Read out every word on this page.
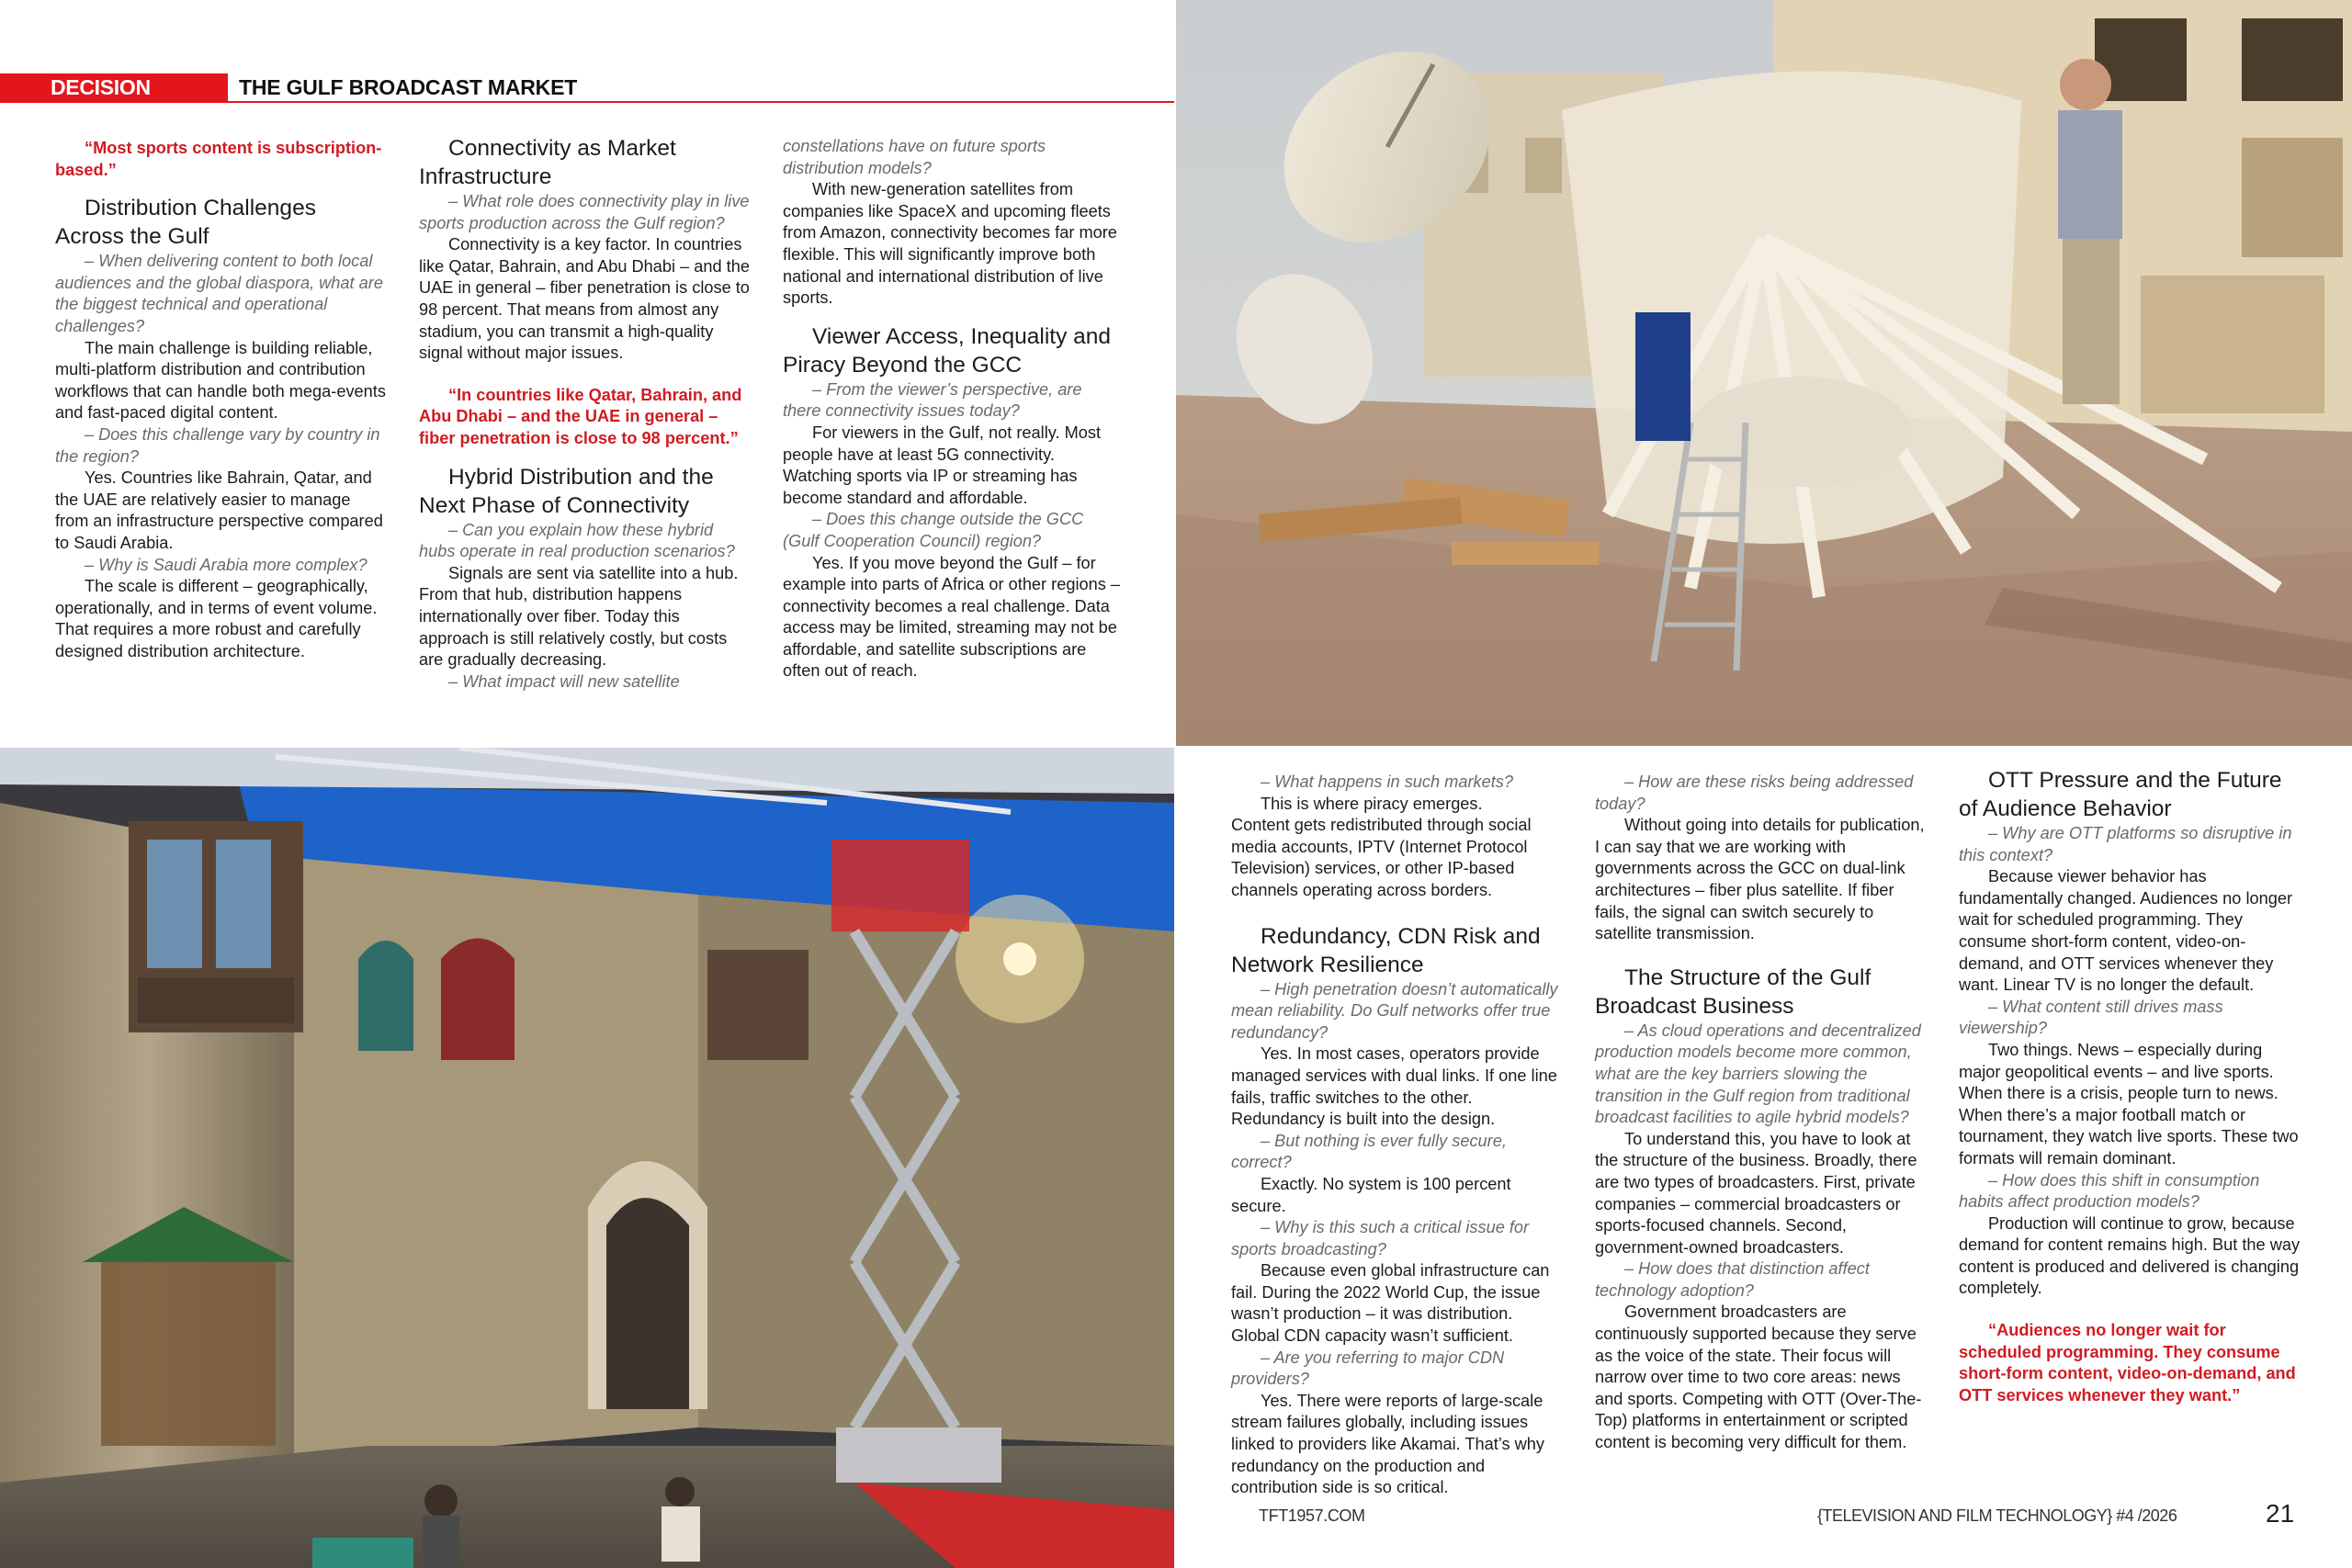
DECISION MAKERS
THE GULF BROADCAST MARKET

“Most sports content is subscription-based.”

Distribution Challenges Across the Gulf

– When delivering content to both local audiences and the global diaspora, what are the biggest technical and operational challenges?

The main challenge is building reliable, multi-platform distribution and contribution workflows that can handle both mega-events and fast-paced digital content.

– Does this challenge vary by country in the region?

Yes. Countries like Bahrain, Qatar, and the UAE are relatively easier to manage from an infrastructure perspective compared to Saudi Arabia.

– Why is Saudi Arabia more complex?

The scale is different – geographically, operationally, and in terms of event volume. That requires a more robust and carefully designed distribution architecture.

Connectivity as Market Infrastructure

– What role does connectivity play in live sports production across the Gulf region?

Connectivity is a key factor. In countries like Qatar, Bahrain, and Abu Dhabi – and the UAE in general – fiber penetration is close to 98 percent. That means from almost any stadium, you can transmit a high-quality signal without major issues.

“In countries like Qatar, Bahrain, and Abu Dhabi – and the UAE in general – fiber penetration is close to 98 percent.”

Hybrid Distribution and the Next Phase of Connectivity

– Can you explain how these hybrid hubs operate in real production scenarios?

Signals are sent via satellite into a hub. From that hub, distribution happens internationally over fiber. Today this approach is still relatively costly, but costs are gradually decreasing.

– What impact will new satellite

constellations have on future sports distribution models?

With new-generation satellites from companies like SpaceX and upcoming fleets from Amazon, connectivity becomes far more flexible. This will significantly improve both national and international distribution of live sports.

Viewer Access, Inequality and Piracy Beyond the GCC

– From the viewer’s perspective, are there connectivity issues today?

For viewers in the Gulf, not really. Most people have at least 5G connectivity. Watching sports via IP or streaming has become standard and affordable.

– Does this change outside the GCC (Gulf Cooperation Council) region?

Yes. If you move beyond the Gulf – for example into parts of Africa or other regions – connectivity becomes a real challenge. Data access may be limited, streaming may not be affordable, and satellite subscriptions are often out of reach.

– What happens in such markets?

This is where piracy emerges.

Content gets redistributed through social media accounts, IPTV (Internet Protocol Television) services, or other IP-based channels operating across borders.

Redundancy, CDN Risk and Network Resilience

– High penetration doesn’t automatically mean reliability. Do Gulf networks offer true redundancy?

Yes. In most cases, operators provide managed services with dual links. If one line fails, traffic switches to the other. Redundancy is built into the design.

– But nothing is ever fully secure, correct?

Exactly. No system is 100 percent secure.

– Why is this such a critical issue for sports broadcasting?

Because even global infrastructure can fail. During the 2022 World Cup, the issue wasn’t production – it was distribution. Global CDN capacity wasn’t sufficient.

– Are you referring to major CDN providers?

Yes. There were reports of large-scale stream failures globally, including issues linked to providers like Akamai. That’s why redundancy on the production and contribution side is so critical.

– How are these risks being addressed today?

Without going into details for publication, I can say that we are working with governments across the GCC on dual-link architectures – fiber plus satellite. If fiber fails, the signal can switch securely to satellite transmission.

The Structure of the Gulf Broadcast Business

– As cloud operations and decentralized production models become more common, what are the key barriers slowing the transition in the Gulf region from traditional broadcast facilities to agile hybrid models?

To understand this, you have to look at the structure of the business. Broadly, there are two types of broadcasters. First, private companies – commercial broadcasters or sports-focused channels. Second, government-owned broadcasters.

– How does that distinction affect technology adoption?

Government broadcasters are continuously supported because they serve as the voice of the state. Their focus will narrow over time to two core areas: news and sports. Competing with OTT (Over-The-Top) platforms in entertainment or scripted content is becoming very difficult for them.

OTT Pressure and the Future of Audience Behavior

– Why are OTT platforms so disruptive in this context?

Because viewer behavior has fundamentally changed. Audiences no longer wait for scheduled programming. They consume short-form content, video-on-demand, and OTT services whenever they want. Linear TV is no longer the default.

– What content still drives mass viewership?

Two things. News – especially during major geopolitical events – and live sports. When there is a crisis, people turn to news. When there’s a major football match or tournament, they watch live sports. These two formats will remain dominant.

– How does this shift in consumption habits affect production models?

Production will continue to grow, because demand for content remains high. But the way content is produced and delivered is changing completely.

“Audiences no longer wait for scheduled programming. They consume short-form content, video-on-demand, and OTT services whenever they want.”

TFT1957.COM	{TELEVISION AND FILM TECHNOLOGY} #4 /2026	21
